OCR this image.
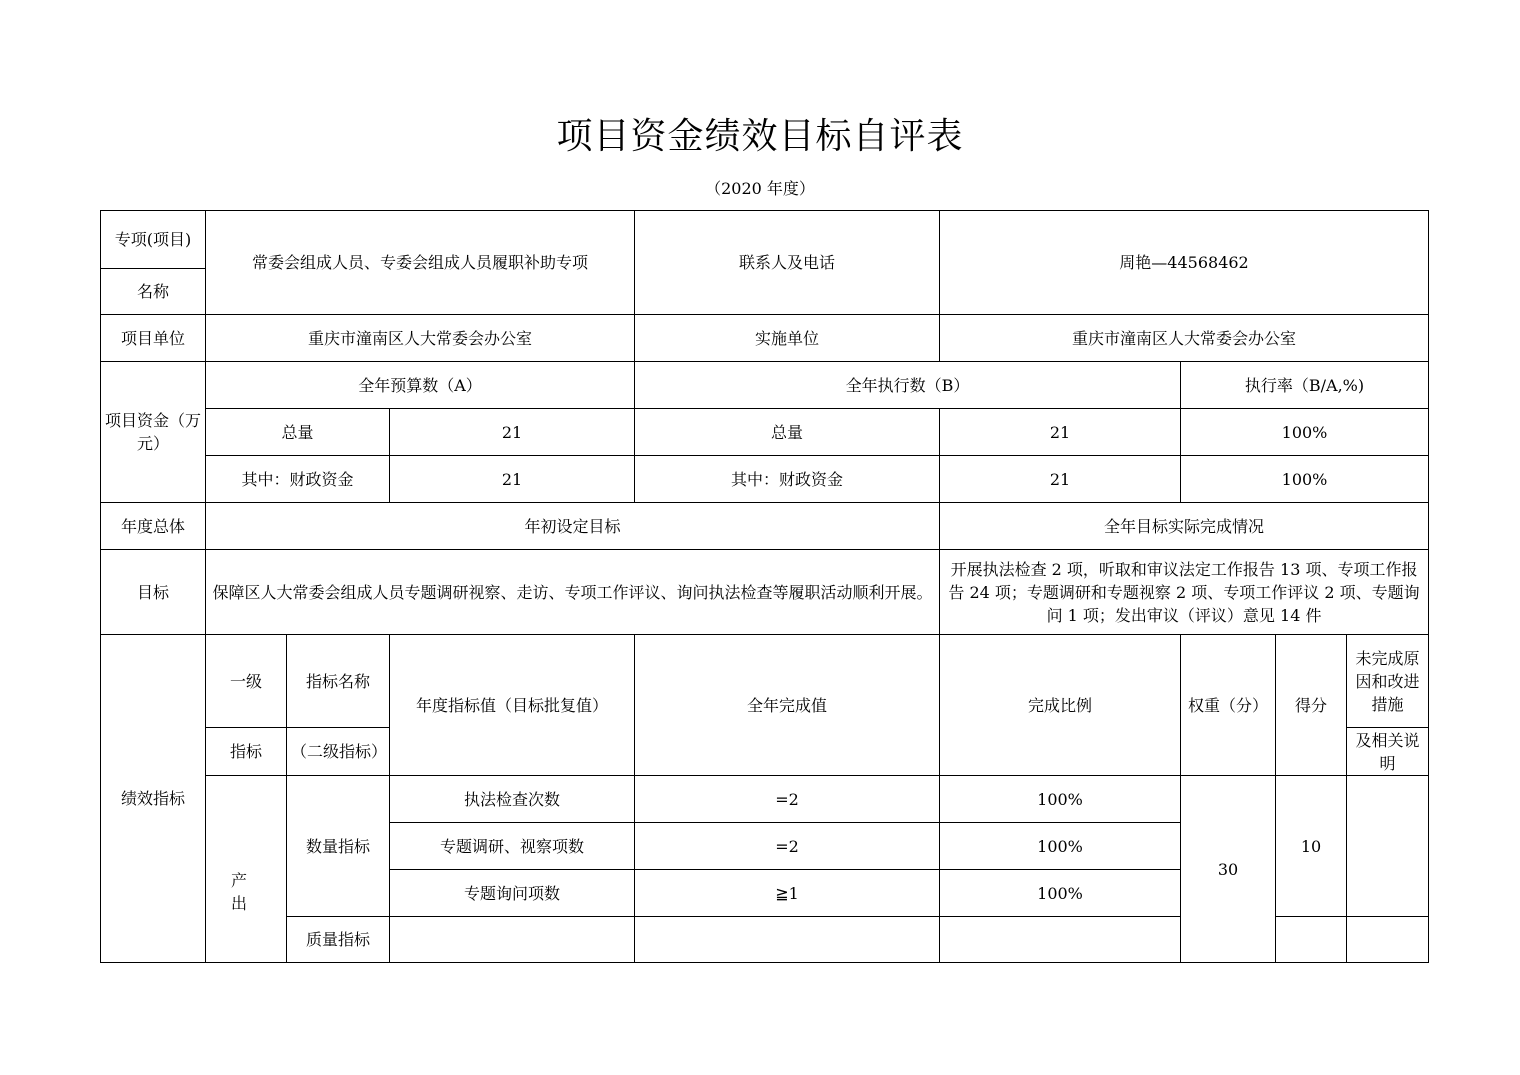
项目资金绩效目标自评表
（2020 年度）
专项(项目)	常委会组成人员、专委会组成人员履职补助专项			联系人及电话	周艳—44568462			
名称								
项目单位	重庆市潼南区人大常委会办公室			实施单位	重庆市潼南区人大常委会办公室			
项目资金（万元）	全年预算数（A）			全年执行数（B）		执行率（B/A,%)		
	总量		21	总量	21	100%		
	其中：财政资金		21	其中：财政资金	21	100%		
年度总体	年初设定目标				全年目标实际完成情况			
目标	保障区人大常委会组成人员专题调研视察、走访、专项工作评议、询问执法检查等履职活动顺利开展。				开展执法检查 2 项，听取和审议法定工作报告 13 项、专项工作报告 24 项；专题调研和专题视察 2 项、专项工作评议 2 项、专题询问 1 项；发出审议（评议）意见 14 件			
绩效指标	一级	指标名称	年度指标值（目标批复值）	全年完成值	完成比例	权重（分）	得分	未完成原因和改进措施
	指标	（二级指标）						及相关说明
		数量指标	执法检查次数	=2	100%	30	10	
	产　出		专题调研、视察项数	=2	100%			
			专题询问项数	≧1	100%			
		质量指标						
